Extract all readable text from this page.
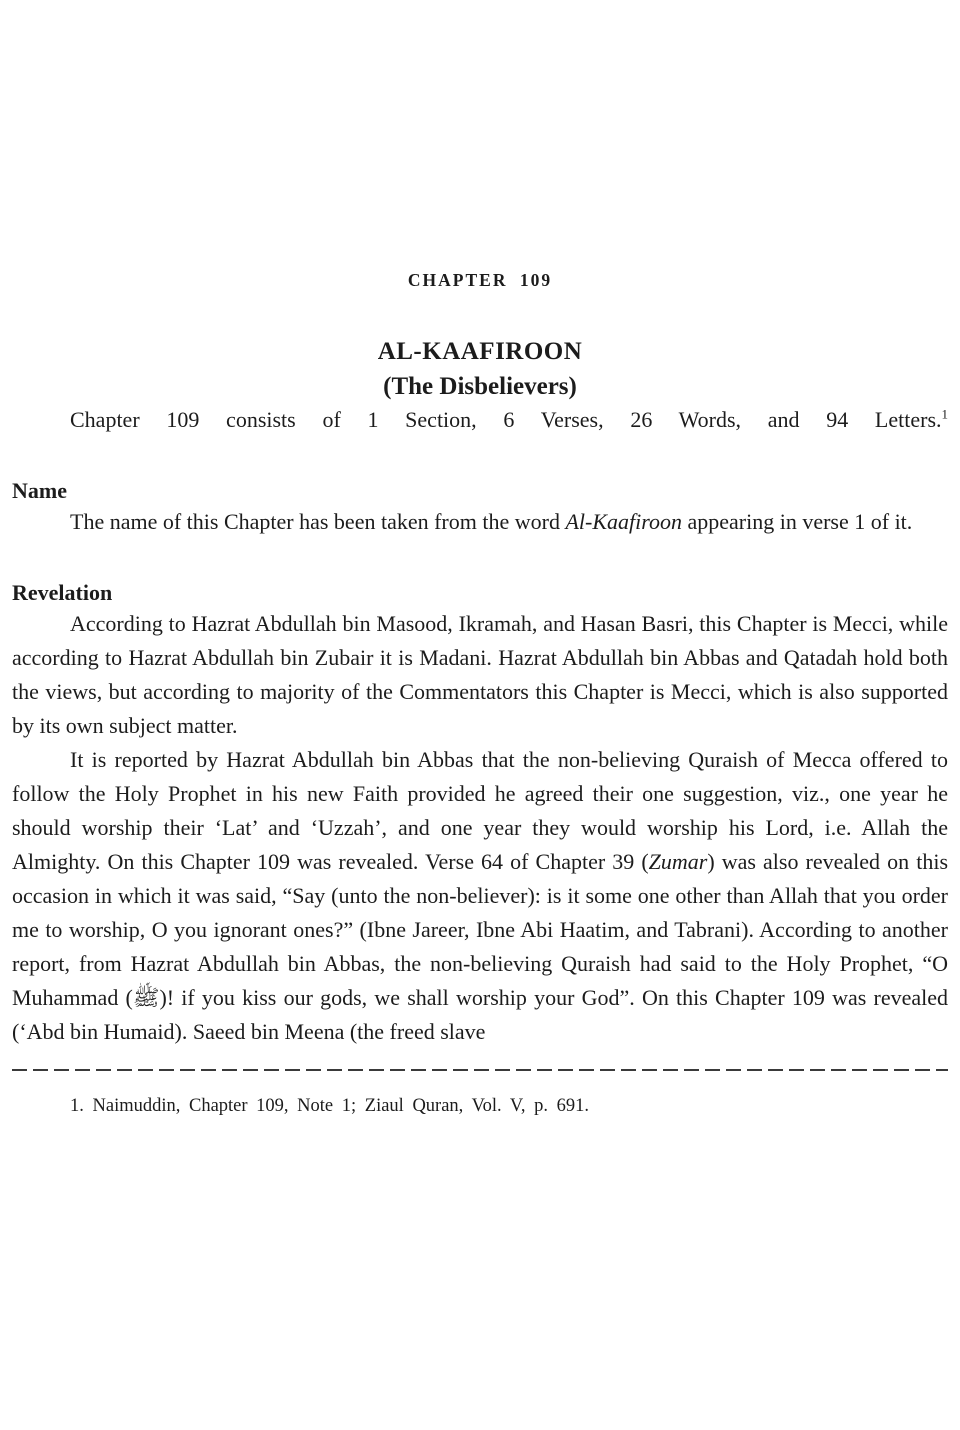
CHAPTER 109
AL-KAAFIROON
(The Disbelievers)

Chapter 109 consists of 1 Section, 6 Verses, 26 Words, and 94 Letters.$^1$

Name

The name of this Chapter has been taken from the word Al-Kaafiroon appearing in verse 1 of it.

Revelation

According to Hazrat Abdullah bin Masood, Ikramah, and Hasan Basri, this Chapter is Mecci, while according to Hazrat Abdullah bin Zubair it is Madani. Hazrat Abdullah bin Abbas and Qatadah hold both the views, but according to majority of the Commentators this Chapter is Mecci, which is also supported by its own subject matter.

It is reported by Hazrat Abdullah bin Abbas that the non-believing Quraish of Mecca offered to follow the Holy Prophet in his new Faith provided he agreed their one suggestion, viz., one year he should worship their ‘Lat’ and ‘Uzzah’, and one year they would worship his Lord, i.e. Allah the Almighty. On this Chapter 109 was revealed. Verse 64 of Chapter 39 (Zumar) was also revealed on this occasion in which it was said, “Say (unto the non-believer): is it some one other than Allah that you order me to worship, O you ignorant ones?” (Ibne Jareer, Ibne Abi Haatim, and Tabrani). According to another report, from Hazrat Abdullah bin Abbas, the non-believing Quraish had said to the Holy Prophet, “O Muhammad (ﷺ)! if you kiss our gods, we shall worship your God”. On this Chapter 109 was revealed (‘Abd bin Humaid). Saeed bin Meena (the freed slave

1. Naimuddin, Chapter 109, Note 1; Ziaul Quran, Vol. V, p. 691.
